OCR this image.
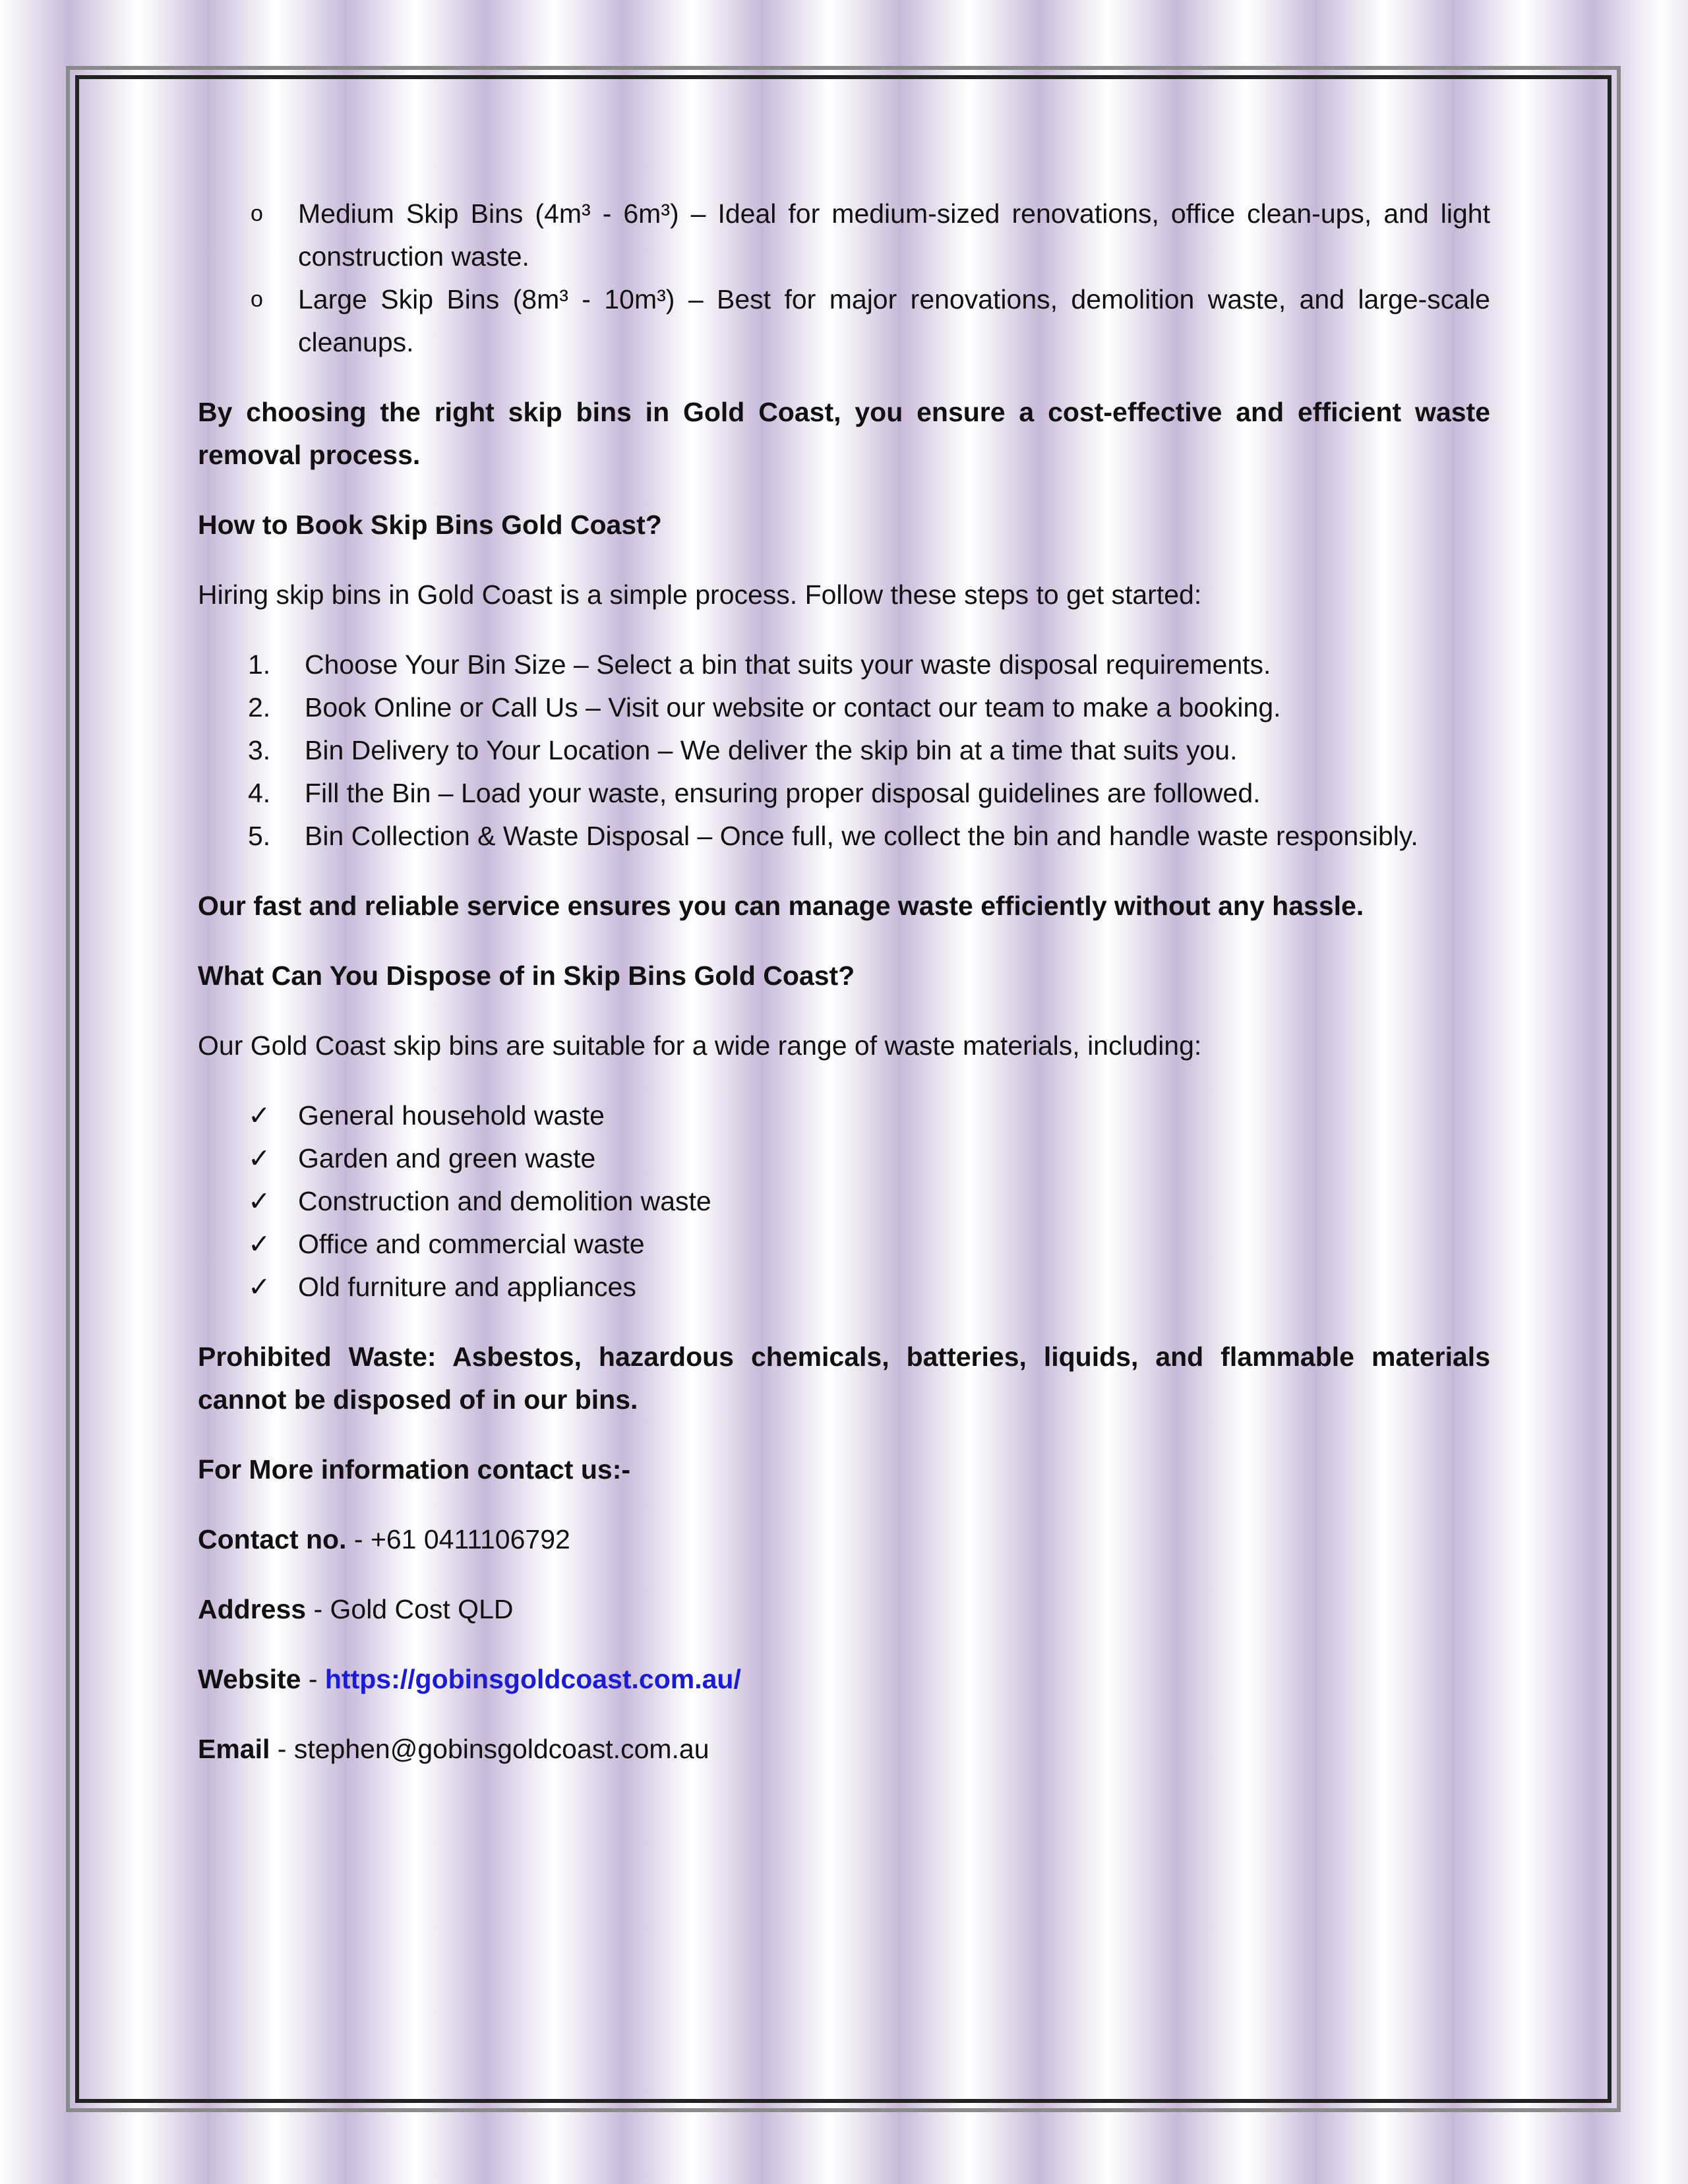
o Medium Skip Bins (4m³ - 6m³) – Ideal for medium-sized renovations, office clean-ups, and light construction waste.
o Large Skip Bins (8m³ - 10m³) – Best for major renovations, demolition waste, and large-scale cleanups.

By choosing the right skip bins in Gold Coast, you ensure a cost-effective and efficient waste removal process.

How to Book Skip Bins Gold Coast?

Hiring skip bins in Gold Coast is a simple process. Follow these steps to get started:

1. Choose Your Bin Size – Select a bin that suits your waste disposal requirements.
2. Book Online or Call Us – Visit our website or contact our team to make a booking.
3. Bin Delivery to Your Location – We deliver the skip bin at a time that suits you.
4. Fill the Bin – Load your waste, ensuring proper disposal guidelines are followed.
5. Bin Collection & Waste Disposal – Once full, we collect the bin and handle waste responsibly.

Our fast and reliable service ensures you can manage waste efficiently without any hassle.

What Can You Dispose of in Skip Bins Gold Coast?

Our Gold Coast skip bins are suitable for a wide range of waste materials, including:

✓ General household waste
✓ Garden and green waste
✓ Construction and demolition waste
✓ Office and commercial waste
✓ Old furniture and appliances

Prohibited Waste: Asbestos, hazardous chemicals, batteries, liquids, and flammable materials cannot be disposed of in our bins.

For More information contact us:-

Contact no. - +61 0411106792

Address - Gold Cost QLD

Website - https://gobinsgoldcoast.com.au/

Email - stephen@gobinsgoldcoast.com.au
